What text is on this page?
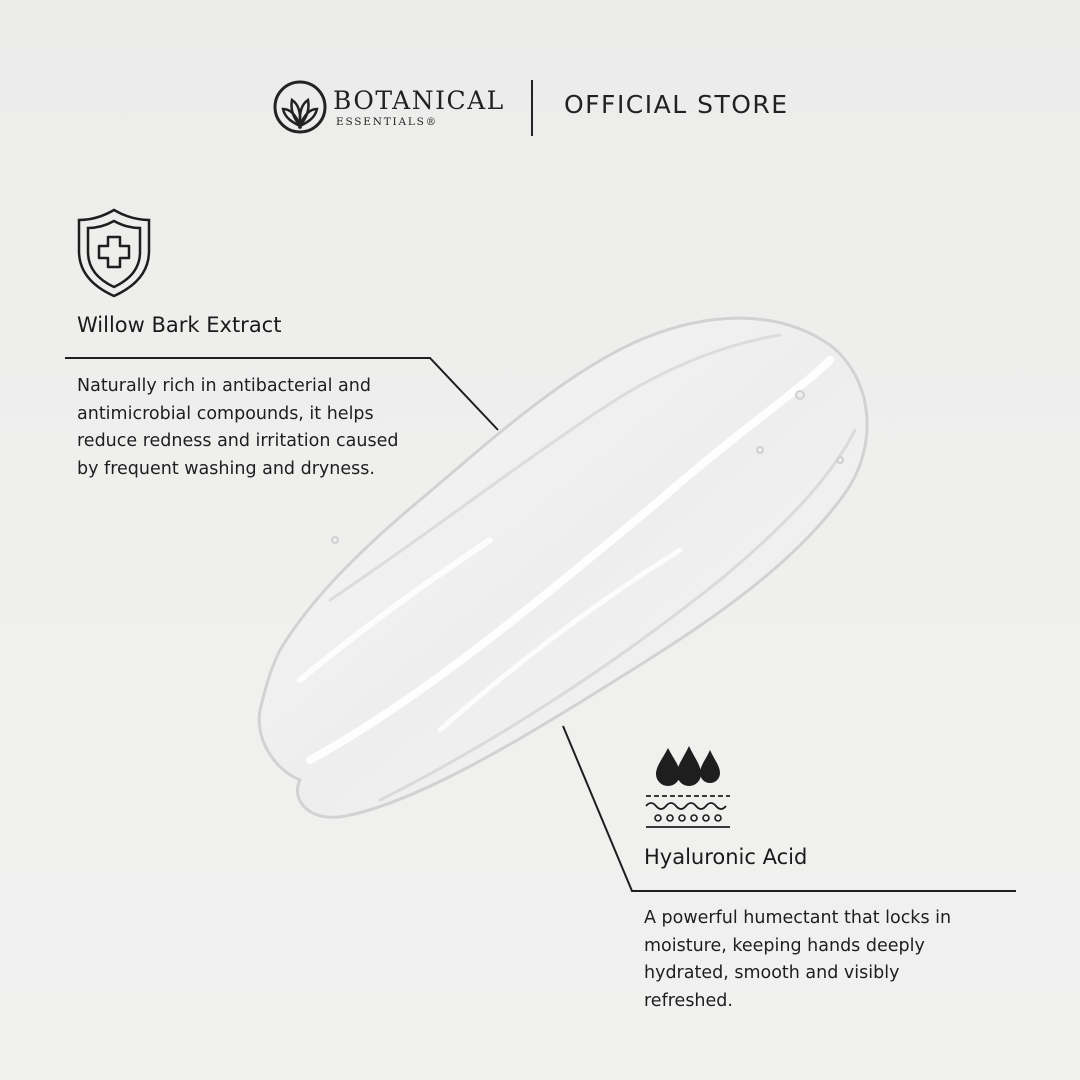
BOTANICAL
ESSENTIALS®
OFFICIAL STORE
Willow Bark Extract
Naturally rich in antibacterial and
antimicrobial compounds, it helps
reduce redness and irritation caused
by frequent washing and dryness.
Hyaluronic Acid
A powerful humectant that locks in
moisture, keeping hands deeply
hydrated, smooth and visibly
refreshed.
